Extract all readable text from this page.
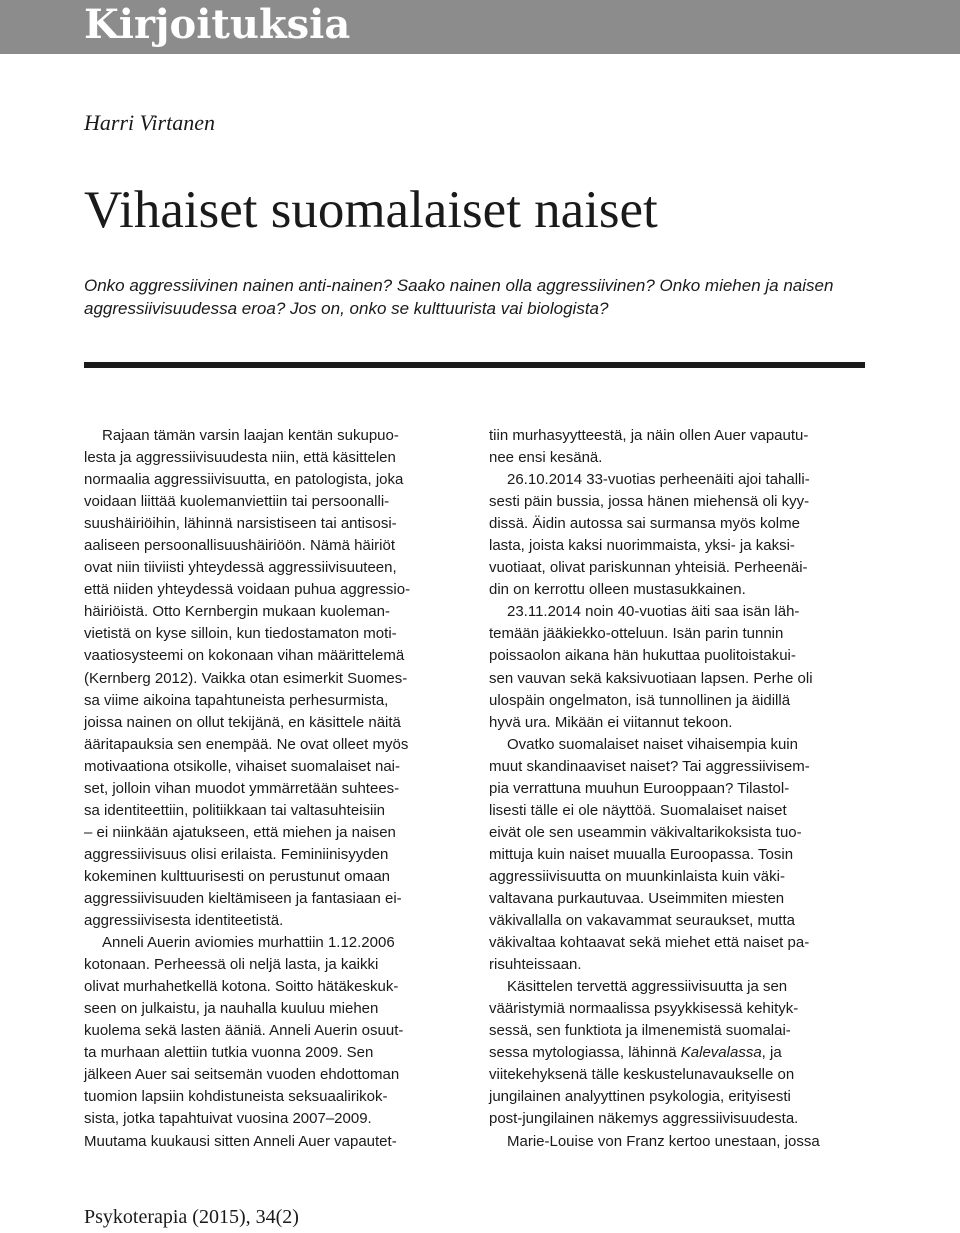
Kirjoituksia

Harri Virtanen

Vihaiset suomalaiset naiset

Onko aggressiivinen nainen anti-nainen? Saako nainen olla aggressiivinen? Onko miehen ja naisen aggressiivisuudessa eroa? Jos on, onko se kulttuurista vai biologista?

Rajaan tämän varsin laajan kentän sukupuo-
lesta ja aggressiivisuudesta niin, että käsittelen
normaalia aggressiivisuutta, en patologista, joka
voidaan liittää kuolemanviettiin tai persoonalli-
suushäiriöihin, lähinnä narsistiseen tai antisosi-
aaliseen persoonallisuushäiriöön. Nämä häiriöt
ovat niin tiiviisti yhteydessä aggressiivisuuteen,
että niiden yhteydessä voidaan puhua aggressio-
häiriöistä. Otto Kernbergin mukaan kuoleman-
vietistä on kyse silloin, kun tiedostamaton moti-
vaatiosysteemi on kokonaan vihan määrittelemä
(Kernberg 2012). Vaikka otan esimerkit Suomes-
sa viime aikoina tapahtuneista perhesurmista,
joissa nainen on ollut tekijänä, en käsittele näitä
ääritapauksia sen enempää. Ne ovat olleet myös
motivaationa otsikolle, vihaiset suomalaiset nai-
set, jolloin vihan muodot ymmärretään suhtees-
sa identiteettiin, politiikkaan tai valtasuhteisiin
– ei niinkään ajatukseen, että miehen ja naisen
aggressiivisuus olisi erilaista. Feminiinisyyden
kokeminen kulttuurisesti on perustunut omaan
aggressiivisuuden kieltämiseen ja fantasiaan ei-
aggressiivisesta identiteetistä.

Anneli Auerin aviomies murhattiin 1.12.2006
kotonaan. Perheessä oli neljä lasta, ja kaikki
olivat murhahetkellä kotona. Soitto hätäkeskuk-
seen on julkaistu, ja nauhalla kuuluu miehen
kuolema sekä lasten ääniä. Anneli Auerin osuut-
ta murhaan alettiin tutkia vuonna 2009. Sen
jälkeen Auer sai seitsemän vuoden ehdottoman
tuomion lapsiin kohdistuneista seksuaalirikok-
sista, jotka tapahtuivat vuosina 2007–2009.
Muutama kuukausi sitten Anneli Auer vapautet-

tiin murhasyytteestä, ja näin ollen Auer vapautu-
nee ensi kesänä.

26.10.2014 33-vuotias perheenäiti ajoi tahalli-
sesti päin bussia, jossa hänen miehensä oli kyy-
dissä. Äidin autossa sai surmansa myös kolme
lasta, joista kaksi nuorimmaista, yksi- ja kaksi-
vuotiaat, olivat pariskunnan yhteisiä. Perheenäi-
din on kerrottu olleen mustasukkainen.

23.11.2014 noin 40-vuotias äiti saa isän läh-
temään jääkiekko-otteluun. Isän parin tunnin
poissaolon aikana hän hukuttaa puolitoistakui-
sen vauvan sekä kaksivuotiaan lapsen. Perhe oli
ulospäin ongelmaton, isä tunnollinen ja äidillä
hyvä ura. Mikään ei viitannut tekoon.

Ovatko suomalaiset naiset vihaisempia kuin
muut skandinaaviset naiset? Tai aggressiivisem-
pia verrattuna muuhun Eurooppaan? Tilastol-
lisesti tälle ei ole näyttöä. Suomalaiset naiset
eivät ole sen useammin väkivaltarikoksista tuo-
mittuja kuin naiset muualla Euroopassa. Tosin
aggressiivisuutta on muunkinlaista kuin väki-
valtavana purkautuvaa. Useimmiten miesten
väkivallalla on vakavammat seuraukset, mutta
väkivaltaa kohtaavat sekä miehet että naiset pa-
risuhteissaan.

Käsittelen tervettä aggressiivisuutta ja sen
vääristymiä normaalissa psyykkisessä kehityk-
sessä, sen funktiota ja ilmenemistä suomalai-
sessa mytologiassa, lähinnä Kalevalassa, ja
viitekehyksenä tälle keskustelunavaukselle on
jungilainen analyyttinen psykologia, erityisesti
post-jungilainen näkemys aggressiivisuudesta.

Marie-Louise von Franz kertoo unestaan, jossa

Psykoterapia (2015), 34(2)
